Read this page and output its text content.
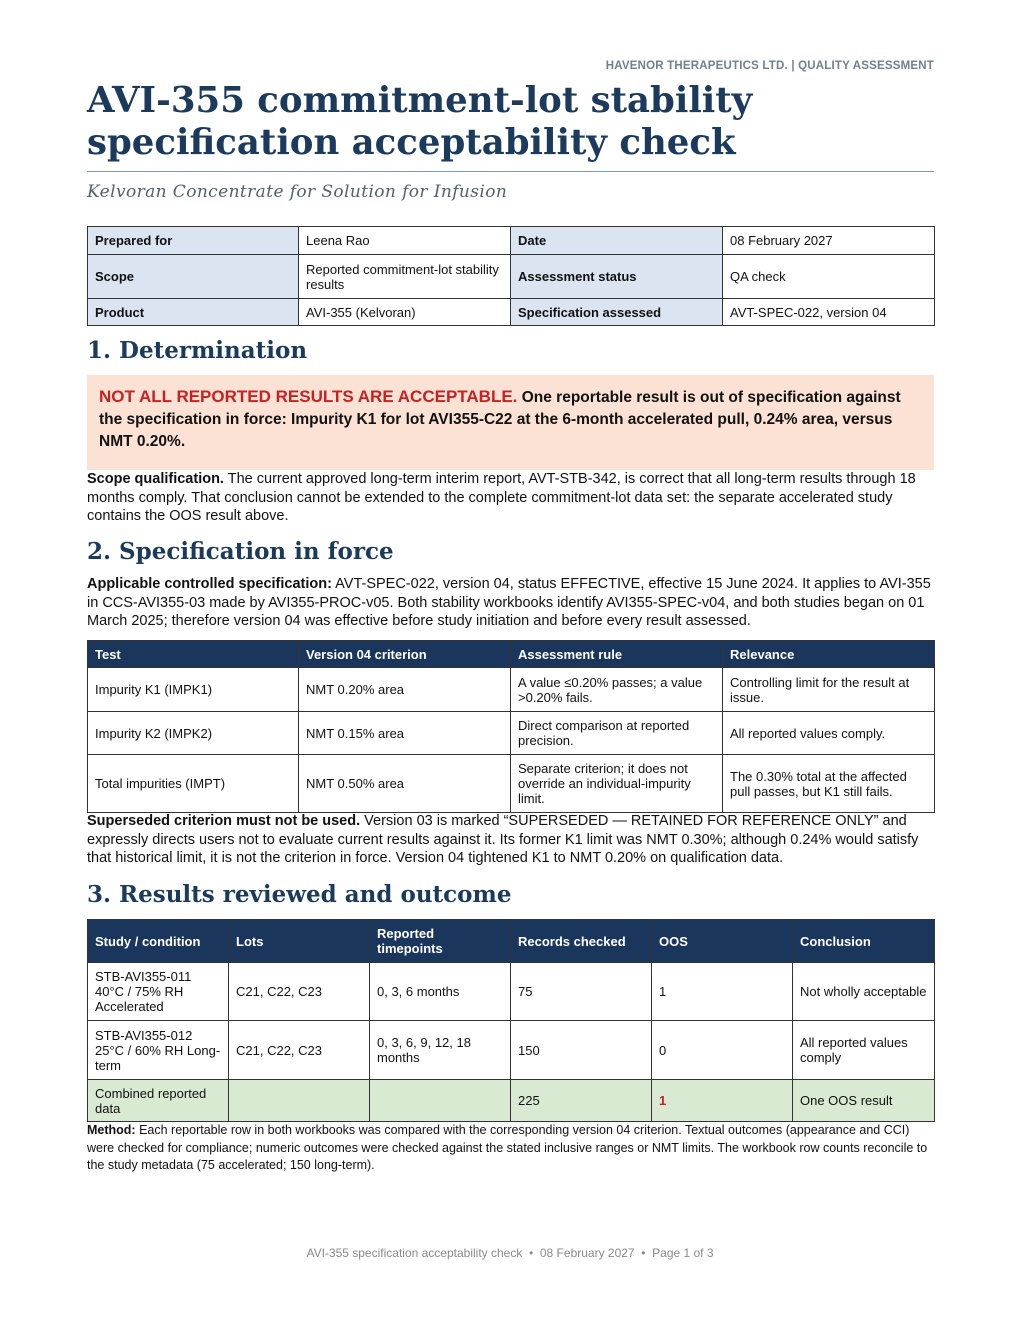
HAVENOR THERAPEUTICS LTD. | QUALITY ASSESSMENT
AVI-355 commitment-lot stability specification acceptability check
Kelvoran Concentrate for Solution for Infusion
Prepared for	Leena Rao	Date	08 February 2027
Scope	Reported commitment-lot stability results	Assessment status	QA check
Product	AVI-355 (Kelvoran)	Specification assessed	AVT-SPEC-022, version 04
1. Determination
NOT ALL REPORTED RESULTS ARE ACCEPTABLE. One reportable result is out of specification against the specification in force: Impurity K1 for lot AVI355-C22 at the 6-month accelerated pull, 0.24% area, versus NMT 0.20%.

Scope qualification. The current approved long-term interim report, AVT-STB-342, is correct that all long-term results through 18 months comply. That conclusion cannot be extended to the complete commitment-lot data set: the separate accelerated study contains the OOS result above.

2. Specification in force

Applicable controlled specification: AVT-SPEC-022, version 04, status EFFECTIVE, effective 15 June 2024. It applies to AVI-355 in CCS-AVI355-03 made by AVI355-PROC-v05. Both stability workbooks identify AVI355-SPEC-v04, and both studies began on 01 March 2025; therefore version 04 was effective before study initiation and before every result assessed.

Test	Version 04 criterion	Assessment rule	Relevance
Impurity K1 (IMPK1)	NMT 0.20% area	A value ≤0.20% passes; a value >0.20% fails.	Controlling limit for the result at issue.
Impurity K2 (IMPK2)	NMT 0.15% area	Direct comparison at reported precision.	All reported values comply.
Total impurities (IMPT)	NMT 0.50% area	Separate criterion; it does not override an individual-impurity limit.	The 0.30% total at the affected pull passes, but K1 still fails.

Superseded criterion must not be used. Version 03 is marked “SUPERSEDED — RETAINED FOR REFERENCE ONLY” and expressly directs users not to evaluate current results against it. Its former K1 limit was NMT 0.30%; although 0.24% would satisfy that historical limit, it is not the criterion in force. Version 04 tightened K1 to NMT 0.20% on qualification data.

3. Results reviewed and outcome
Study / condition	Lots	Reported timepoints	Records checked	OOS	Conclusion
STB-AVI355-011 40°C / 75% RH Accelerated	C21, C22, C23	0, 3, 6 months	75	1	Not wholly acceptable
STB-AVI355-012 25°C / 60% RH Long-term	C21, C22, C23	0, 3, 6, 9, 12, 18 months	150	0	All reported values comply
Combined reported data			225	1	One OOS result

Method: Each reportable row in both workbooks was compared with the corresponding version 04 criterion. Textual outcomes (appearance and CCI) were checked for compliance; numeric outcomes were checked against the stated inclusive ranges or NMT limits. The workbook row counts reconcile to the study metadata (75 accelerated; 150 long-term).

AVI-355 specification acceptability check  •  08 February 2027  •  Page 1 of 3
